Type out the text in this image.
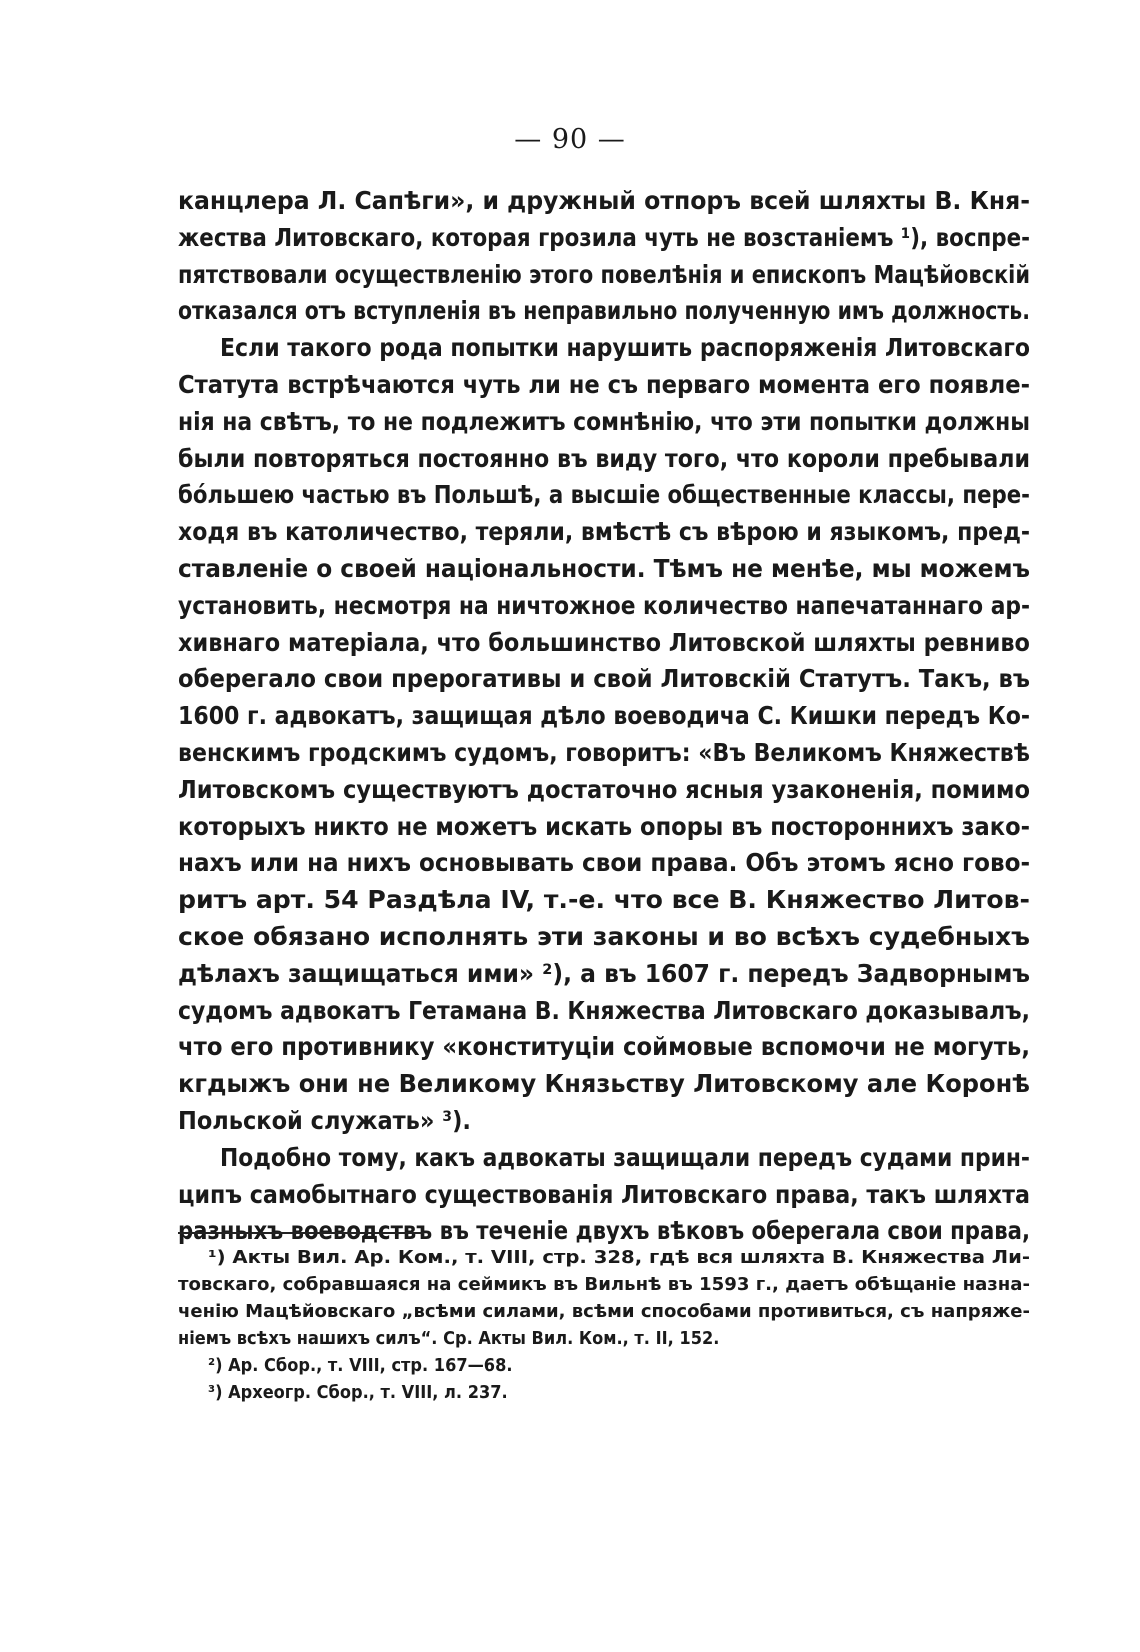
— 90 —
канцлера Л. Сапѣги», и дружный отпоръ всей шляхты В. Кня-
жества Литовскаго, которая грозила чуть не возстаніемъ ¹), воспре-
пятствовали осуществленію этого повелѣнія и епископъ Мацѣйовскій
отказался отъ вступленія въ неправильно полученную имъ должность.
Если такого рода попытки нарушить распоряженія Литовскаго
Статута встрѣчаются чуть ли не съ перваго момента его появле-
нія на свѣтъ, то не подлежитъ сомнѣнію, что эти попытки должны
были повторяться постоянно въ виду того, что короли пребывали
бóльшею частью въ Польшѣ, а высшіе общественные классы, пере-
ходя въ католичество, теряли, вмѣстѣ съ вѣрою и языкомъ, пред-
ставленіе о своей національности. Тѣмъ не менѣе, мы можемъ
установить, несмотря на ничтожное количество напечатаннаго ар-
хивнаго матеріала, что большинство Литовской шляхты ревниво
оберегало свои прерогативы и свой Литовскій Статутъ. Такъ, въ
1600 г. адвокатъ, защищая дѣло воеводича С. Кишки передъ Ко-
венскимъ гродскимъ судомъ, говоритъ: «Въ Великомъ Княжествѣ
Литовскомъ существуютъ достаточно ясныя узаконенія, помимо
которыхъ никто не можетъ искать опоры въ постороннихъ зако-
нахъ или на нихъ основывать свои права. Объ этомъ ясно гово-
ритъ арт. 54 Раздѣла IV, т.-е. что все В. Княжество Литов-
ское обязано исполнять эти законы и во всѣхъ судебныхъ
дѣлахъ защищаться ими» ²), а въ 1607 г. передъ Задворнымъ
судомъ адвокатъ Гетамана В. Княжества Литовскаго доказывалъ,
что его противнику «конституціи соймовые вспомочи не могуть,
кгдыжъ они не Великому Князьству Литовскому але Коронѣ
Польской служать» ³).
Подобно тому, какъ адвокаты защищали передъ судами прин-
ципъ самобытнаго существованія Литовскаго права, такъ шляхта
разныхъ воеводствъ въ теченіе двухъ вѣковъ оберегала свои права,
¹) Акты Вил. Ар. Ком., т. VIII, стр. 328, гдѣ вся шляхта В. Княжества Ли-
товскаго, собравшаяся на сеймикъ въ Вильнѣ въ 1593 г., даетъ обѣщаніе назна-
ченію Мацѣйовскаго „всѣми силами, всѣми способами противиться, съ напряже-
ніемъ всѣхъ нашихъ силъ“. Ср. Акты Вил. Ком., т. II, 152.
²) Ар. Сбор., т. VIII, стр. 167—68.
³) Археогр. Сбор., т. VIII, л. 237.
